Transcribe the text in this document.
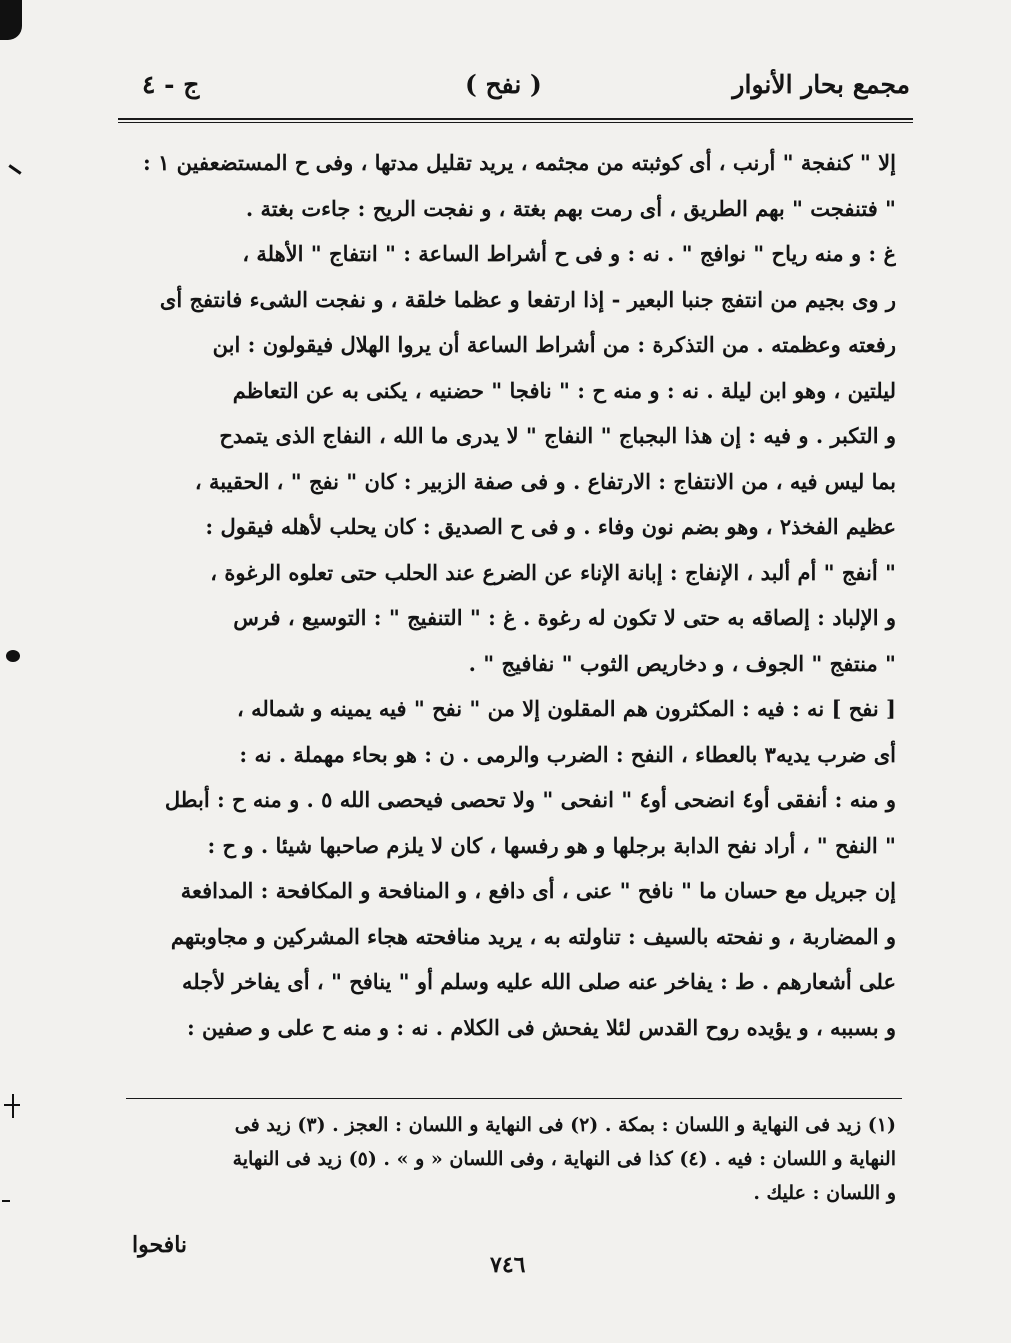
مجمع بحار الأنوار
( نفح )
ج - ٤
إلا " كنفجة " أرنب ، أى كوثبته من مجثمه ، يريد تقليل مدتها ، وفى ح المستضعفين ١ :
" فتنفجت " بهم الطريق ، أى رمت بهم بغتة ، و نفجت الريح : جاءت بغتة .
غ : و منه رياح " نوافج " . نه : و فى ح أشراط الساعة : " انتفاج " الأهلة ،
ر وى بجيم من انتفج جنبا البعير - إذا ارتفعا و عظما خلقة ، و نفجت الشىء فانتفج أى
رفعته وعظمته . من التذكرة : من أشراط الساعة أن يروا الهلال فيقولون : ابن
ليلتين ، وهو ابن ليلة . نه : و منه ح : " نافجا " حضنيه ، يكنى به عن التعاظم
و التكبر . و فيه : إن هذا البجباج " النفاج " لا يدرى ما الله ، النفاج الذى يتمدح
بما ليس فيه ، من الانتفاج : الارتفاع . و فى صفة الزبير : كان " نفج " ، الحقيبة ،
عظيم الفخذ٢ ، وهو بضم نون وفاء . و فى ح الصديق : كان يحلب لأهله فيقول :
" أنفج " أم ألبد ، الإنفاج : إبانة الإناء عن الضرع عند الحلب حتى تعلوه الرغوة ،
و الإلباد : إلصاقه به حتى لا تكون له رغوة . غ : " التنفيج " : التوسيع ، فرس
" منتفج " الجوف ، و دخاريص الثوب " نفافيج " .
[ نفح ] نه : فيه : المكثرون هم المقلون إلا من " نفح " فيه يمينه و شماله ،
أى ضرب يديه٣ بالعطاء ، النفح : الضرب والرمى . ن : هو بحاء مهملة . نه :
و منه : أنفقى أو٤ انضحى أو٤ " انفحى " ولا تحصى فيحصى الله ٥ . و منه ح : أبطل
" النفح " ، أراد نفح الدابة برجلها و هو رفسها ، كان لا يلزم صاحبها شيئا . و ح :
إن جبريل مع حسان ما " نافح " عنى ، أى دافع ، و المنافحة و المكافحة : المدافعة
و المضاربة ، و نفحته بالسيف : تناولته به ، يريد منافحته هجاء المشركين و مجاوبتهم
على أشعارهم . ط : يفاخر عنه صلى الله عليه وسلم أو " ينافح " ، أى يفاخر لأجله
و بسببه ، و يؤيده روح القدس لئلا يفحش فى الكلام . نه : و منه ح على و صفين :
(١) زيد فى النهاية و اللسان : بمكة . (٢) فى النهاية و اللسان : العجز . (٣) زيد فى
النهاية و اللسان : فيه . (٤) كذا فى النهاية ، وفى اللسان « و » . (٥) زيد فى النهاية
و اللسان : عليك .
نافحوا
٧٤٦
